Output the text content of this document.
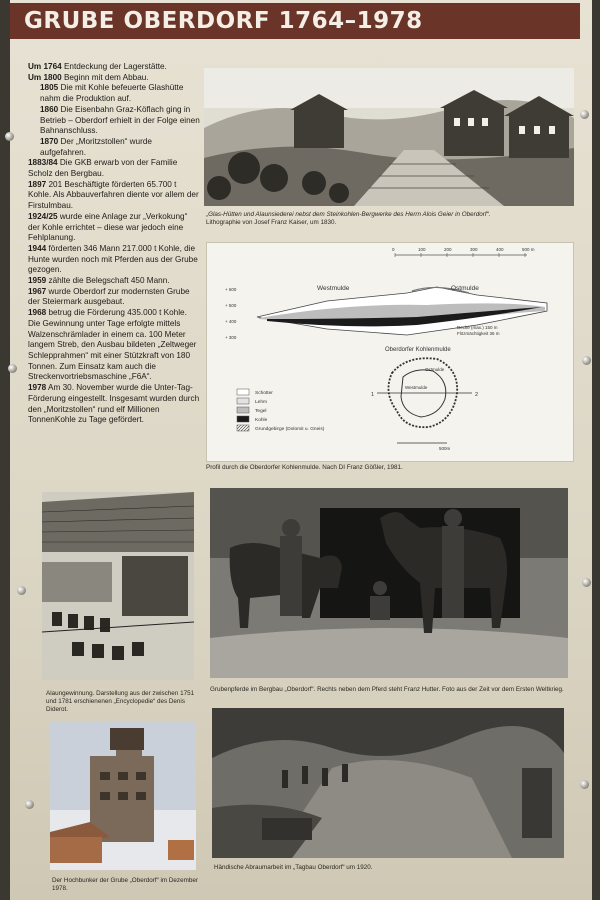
GRUBE OBERDORF 1764–1978

Um 1764 Entdeckung der Lagerstätte.

Um 1800 Beginn mit dem Abbau.

1805 Die mit Kohle befeuerte Glashütte nahm die Produktion auf.

1860 Die Eisenbahn Graz-Köflach ging in Betrieb – Oberdorf erhielt in der Folge einen Bahnanschluss.

1870 Der „Moritzstollen“ wurde aufgefahren.

1883/84 Die GKB erwarb von der Familie Scholz den Bergbau.

1897 201 Beschäftigte förderten 65.700 t Kohle. Als Abbauverfahren diente vor allem der Firstulmbau.

1924/25 wurde eine Anlage zur „Verkokung“ der Kohle errichtet – diese war jedoch eine Fehlplanung.

1944 förderten 346 Mann 217.000 t Kohle, die Hunte wurden noch mit Pferden aus der Grube gezogen.

1959 zählte die Belegschaft 450 Mann.

1967 wurde Oberdorf zur modernsten Grube der Steiermark ausgebaut.

1968 betrug die Förderung 435.000 t Kohle. Die Gewinnung unter Tage erfolgte mittels Walzenschrämlader in einem ca. 100 Meter langem Streb, den Ausbau bildeten „Zeltweger Schlepprahmen“ mit einer Stützkraft von 180 Tonnen. Zum Einsatz kam auch die Streckenvortriebsmaschine „F6A“.

1978 Am 30. November wurde die Unter-Tag-Förderung eingestellt. Insgesamt wurden durch den „Moritzstollen“ rund elf Millionen TonnenKohle zu Tage gefördert.

„Glas-Hütten und Alaunsiederei nebst dem Steinkohlen-Bergwerke des Herrn Alois Geier in Oberdorf“.
Lithographie von Josef Franz Kaiser, um 1830.
0	100	200	300	400	500 m
+ 600
+ 500
+ 400
+ 300
Westmulde	Ostmulde
Decke (max.) 150 m
Flözmächtigkeit 36 m
Oberdorfer Kohlenmulde
1	2
Westmulde
Ostmulde
500m
Schotter
Lehm
Tegel
Kohle
Grundgebirge (Dolomit u. Gneis)
Profil durch die Oberdorfer Kohlenmulde. Nach DI Franz Gößler, 1981.
Alaungewinnung. Darstellung aus der zwischen 1751 und 1781 erschienenen „Encyclopedie“ des Denis Diderot.
Grubenpferde im Bergbau „Oberdorf“. Rechts neben dem Pferd steht Franz Hutter. Foto aus der Zeit vor dem Ersten Weltkrieg.
Der Hochbunker der Grube „Oberdorf“ im Dezember 1978.
Händische Abraumarbeit im „Tagbau Oberdorf“ um 1920.
